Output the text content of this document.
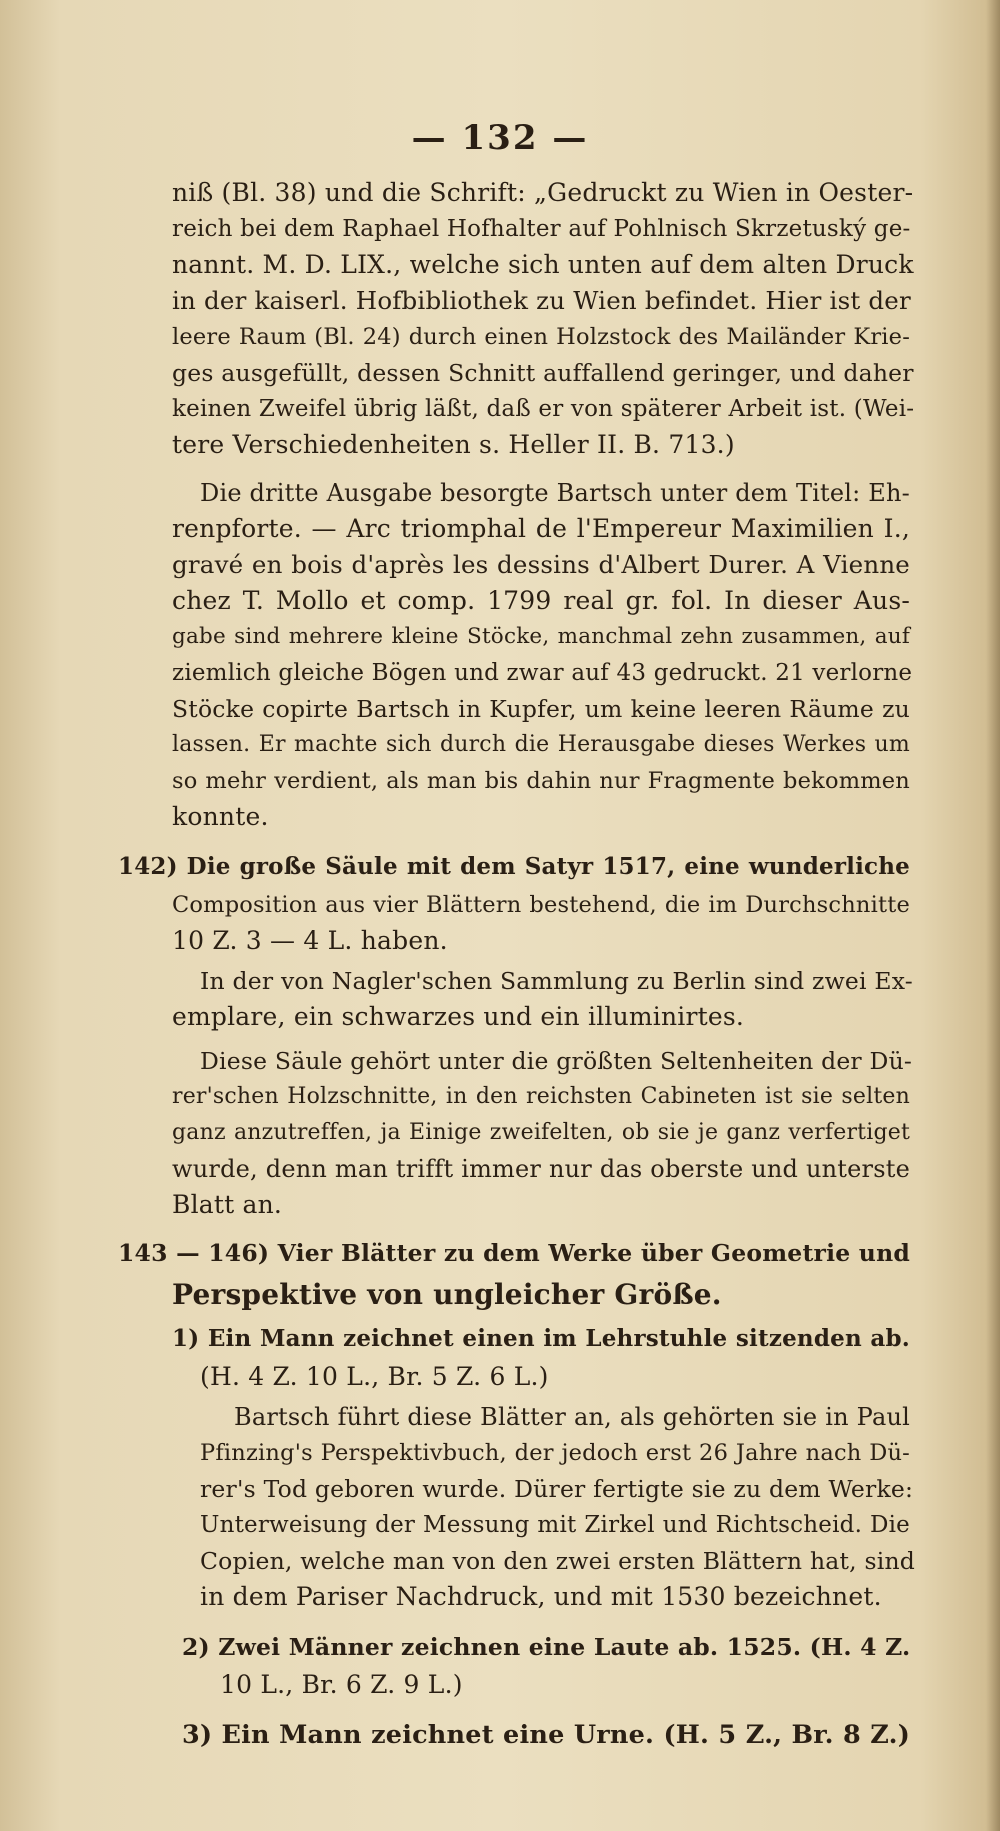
— 132 —
niß (Bl. 38) und die Schrift: „Gedruckt zu Wien in Oester-
reich bei dem Raphael Hofhalter auf Pohlnisch Skrzetuský ge-
nannt. M. D. LIX., welche sich unten auf dem alten Druck
in der kaiserl. Hofbibliothek zu Wien befindet. Hier ist der
leere Raum (Bl. 24) durch einen Holzstock des Mailänder Krie-
ges ausgefüllt, dessen Schnitt auffallend geringer, und daher
keinen Zweifel übrig läßt, daß er von späterer Arbeit ist. (Wei-
tere Verschiedenheiten s. Heller II. B. 713.)
Die dritte Ausgabe besorgte Bartsch unter dem Titel: Eh-
renpforte. — Arc triomphal de l'Empereur Maximilien I.,
gravé en bois d'après les dessins d'Albert Durer. A Vienne
chez T. Mollo et comp. 1799 real gr. fol. In dieser Aus-
gabe sind mehrere kleine Stöcke, manchmal zehn zusammen, auf
ziemlich gleiche Bögen und zwar auf 43 gedruckt. 21 verlorne
Stöcke copirte Bartsch in Kupfer, um keine leeren Räume zu
lassen. Er machte sich durch die Herausgabe dieses Werkes um
so mehr verdient, als man bis dahin nur Fragmente bekommen
konnte.
142) Die große Säule mit dem Satyr 1517, eine wunderliche
Composition aus vier Blättern bestehend, die im Durchschnitte
10 Z. 3 — 4 L. haben.
In der von Nagler'schen Sammlung zu Berlin sind zwei Ex-
emplare, ein schwarzes und ein illuminirtes.
Diese Säule gehört unter die größten Seltenheiten der Dü-
rer'schen Holzschnitte, in den reichsten Cabineten ist sie selten
ganz anzutreffen, ja Einige zweifelten, ob sie je ganz verfertiget
wurde, denn man trifft immer nur das oberste und unterste
Blatt an.
143 — 146) Vier Blätter zu dem Werke über Geometrie und
Perspektive von ungleicher Größe.
1) Ein Mann zeichnet einen im Lehrstuhle sitzenden ab.
(H. 4 Z. 10 L., Br. 5 Z. 6 L.)
Bartsch führt diese Blätter an, als gehörten sie in Paul
Pfinzing's Perspektivbuch, der jedoch erst 26 Jahre nach Dü-
rer's Tod geboren wurde. Dürer fertigte sie zu dem Werke:
Unterweisung der Messung mit Zirkel und Richtscheid. Die
Copien, welche man von den zwei ersten Blättern hat, sind
in dem Pariser Nachdruck, und mit 1530 bezeichnet.
2) Zwei Männer zeichnen eine Laute ab. 1525. (H. 4 Z.
10 L., Br. 6 Z. 9 L.)
3) Ein Mann zeichnet eine Urne. (H. 5 Z., Br. 8 Z.)
